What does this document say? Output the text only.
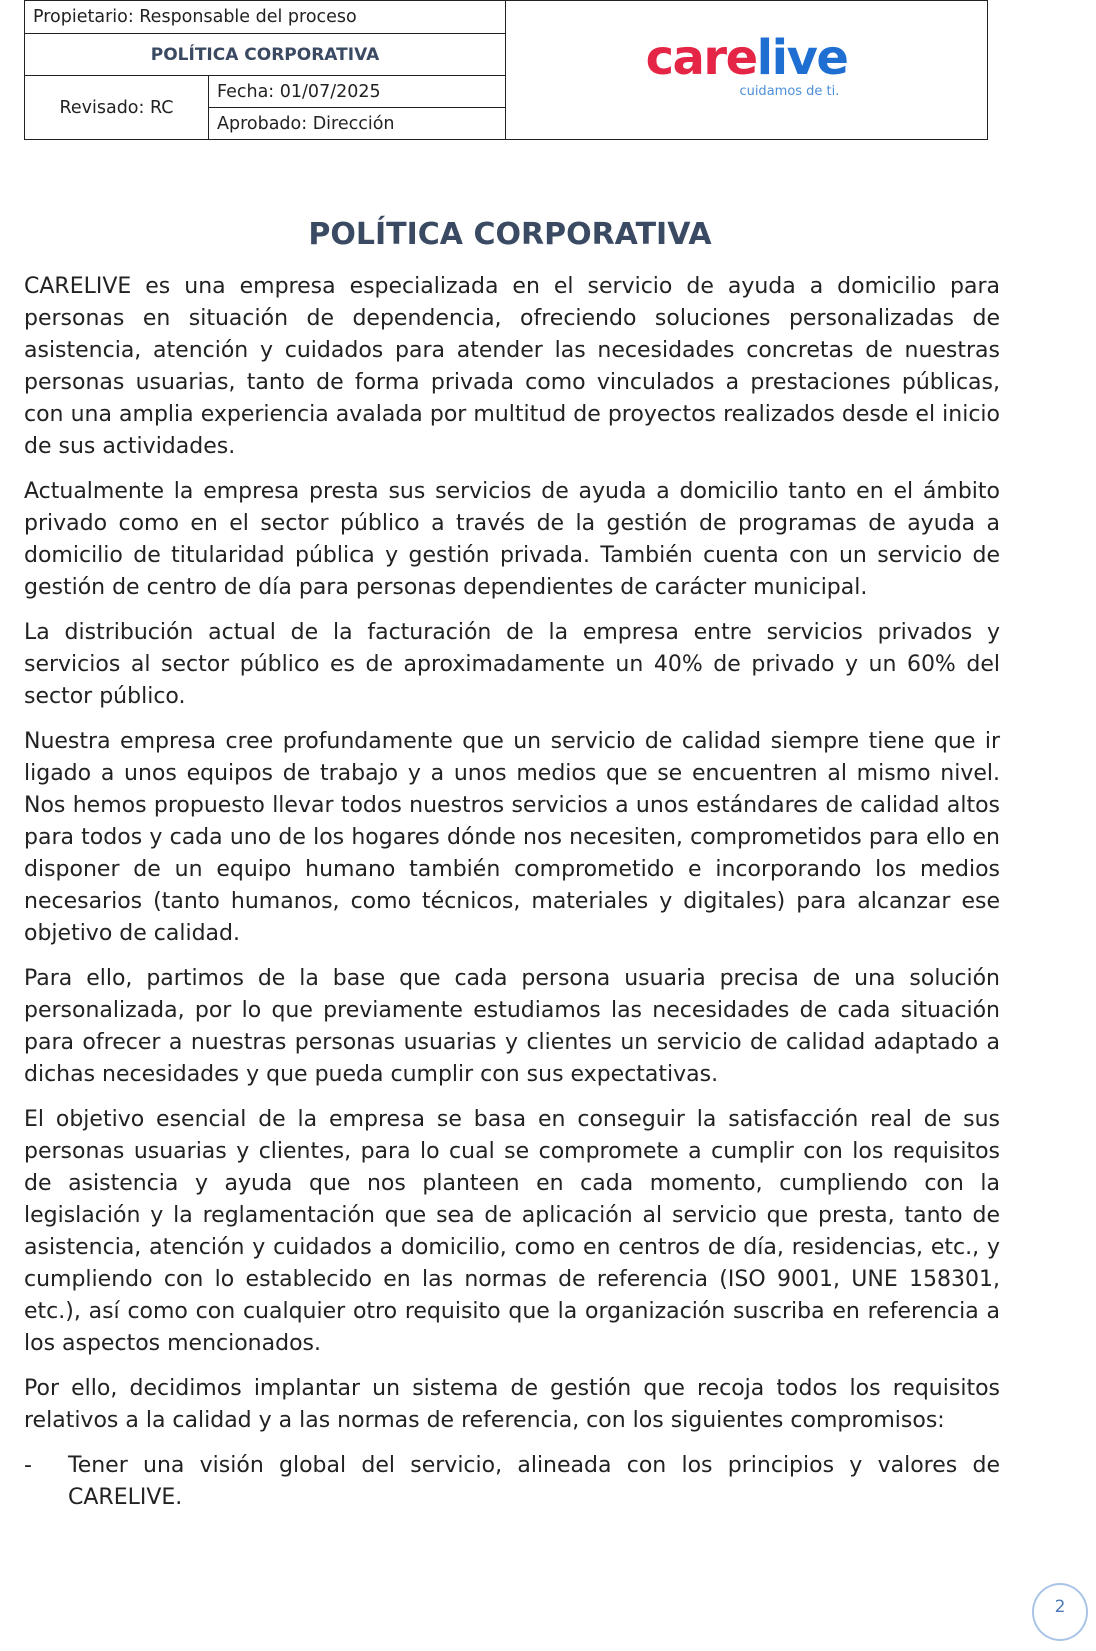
Propietario: Responsable del proceso
POLÍTICA CORPORATIVA
Revisado: RC
Fecha: 01/07/2025
Aprobado: Dirección
carelive
cuidamos de ti.
POLÍTICA CORPORATIVA

CARELIVE es una empresa especializada en el servicio de ayuda a domicilio para personas en situación de dependencia, ofreciendo soluciones personalizadas de asistencia, atención y cuidados para atender las necesidades concretas de nuestras personas usuarias, tanto de forma privada como vinculados a prestaciones públicas, con una amplia experiencia avalada por multitud de proyectos realizados desde el inicio de sus actividades.

Actualmente la empresa presta sus servicios de ayuda a domicilio tanto en el ámbito privado como en el sector público a través de la gestión de programas de ayuda a domicilio de titularidad pública y gestión privada. También cuenta con un servicio de gestión de centro de día para personas dependientes de carácter municipal.

La distribución actual de la facturación de la empresa entre servicios privados y servicios al sector público es de aproximadamente un 40% de privado y un 60% del sector público.

Nuestra empresa cree profundamente que un servicio de calidad siempre tiene que ir ligado a unos equipos de trabajo y a unos medios que se encuentren al mismo nivel. Nos hemos propuesto llevar todos nuestros servicios a unos estándares de calidad altos para todos y cada uno de los hogares dónde nos necesiten, comprometidos para ello en disponer de un equipo humano también comprometido e incorporando los medios necesarios (tanto humanos, como técnicos, materiales y digitales) para alcanzar ese objetivo de calidad.

Para ello, partimos de la base que cada persona usuaria precisa de una solución personalizada, por lo que previamente estudiamos las necesidades de cada situación para ofrecer a nuestras personas usuarias y clientes un servicio de calidad adaptado a dichas necesidades y que pueda cumplir con sus expectativas.

El objetivo esencial de la empresa se basa en conseguir la satisfacción real de sus personas usuarias y clientes, para lo cual se compromete a cumplir con los requisitos de asistencia y ayuda que nos planteen en cada momento, cumpliendo con la legislación y la reglamentación que sea de aplicación al servicio que presta, tanto de asistencia, atención y cuidados a domicilio, como en centros de día, residencias, etc., y cumpliendo con lo establecido en las normas de referencia (ISO 9001, UNE 158301, etc.), así como con cualquier otro requisito que la organización suscriba en referencia a los aspectos mencionados.

Por ello, decidimos implantar un sistema de gestión que recoja todos los requisitos relativos a la calidad y a las normas de referencia, con los siguientes compromisos:

-	Tener una visión global del servicio, alineada con los principios y valores de CARELIVE.
2
